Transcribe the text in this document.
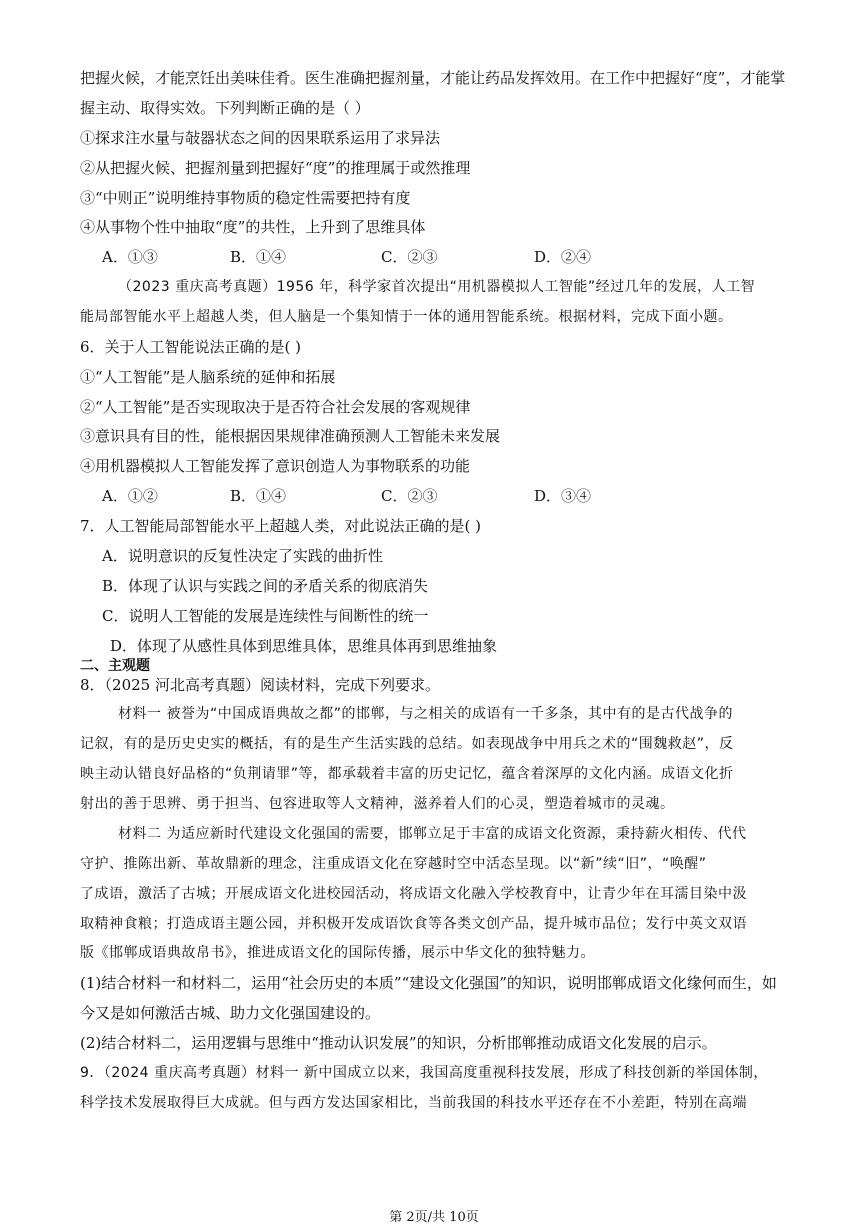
把握火候，才能烹饪出美味佳肴。医生准确把握剂量，才能让药品发挥效用。在工作中把握好“度”，才能掌
握主动、取得实效。下列判断正确的是（ ）
①探求注水量与敧器状态之间的因果联系运用了求异法
②从把握火候、把握剂量到把握好“度”的推理属于或然推理
③“中则正”说明维持事物质的稳定性需要把持有度
④从事物个性中抽取“度”的共性，上升到了思维具体
A．①③	B．①④	C．②③	D．②④
（2023 重庆高考真题）1956 年，科学家首次提出“用机器模拟人工智能”经过几年的发展，人工智
能局部智能水平上超越人类，但人脑是一个集知情于一体的通用智能系统。根据材料，完成下面小题。
6．关于人工智能说法正确的是( )
①“人工智能”是人脑系统的延伸和拓展
②“人工智能”是否实现取决于是否符合社会发展的客观规律
③意识具有目的性，能根据因果规律准确预测人工智能未来发展
④用机器模拟人工智能发挥了意识创造人为事物联系的功能
A．①②	B．①④	C．②③	D．③④
7．人工智能局部智能水平上超越人类，对此说法正确的是( )
A．说明意识的反复性决定了实践的曲折性
B．体现了认识与实践之间的矛盾关系的彻底消失
C．说明人工智能的发展是连续性与间断性的统一
D．体现了从感性具体到思维具体，思维具体再到思维抽象
二、主观题
8．（2025 河北高考真题）阅读材料，完成下列要求。
材料一 被誉为“中国成语典故之都”的邯郸，与之相关的成语有一千多条，其中有的是古代战争的
记叙，有的是历史史实的概括，有的是生产生活实践的总结。如表现战争中用兵之术的“围魏救赵”，反
映主动认错良好品格的“负荆请罪”等，都承载着丰富的历史记忆，蕴含着深厚的文化内涵。成语文化折
射出的善于思辨、勇于担当、包容进取等人文精神，滋养着人们的心灵，塑造着城市的灵魂。
材料二 为适应新时代建设文化强国的需要，邯郸立足于丰富的成语文化资源，秉持薪火相传、代代
守护、推陈出新、革故鼎新的理念，注重成语文化在穿越时空中活态呈现。以“新”续“旧”，“唤醒”
了成语，激活了古城；开展成语文化进校园活动，将成语文化融入学校教育中，让青少年在耳濡目染中汲
取精神食粮；打造成语主题公园，并积极开发成语饮食等各类文创产品，提升城市品位；发行中英文双语
版《邯郸成语典故帛书》，推进成语文化的国际传播，展示中华文化的独特魅力。
(1)结合材料一和材料二，运用“社会历史的本质”“建设文化强国”的知识，说明邯郸成语文化缘何而生，如
今又是如何激活古城、助力文化强国建设的。
(2)结合材料二，运用逻辑与思维中“推动认识发展”的知识，分析邯郸推动成语文化发展的启示。
9．（2024 重庆高考真题）材料一 新中国成立以来，我国高度重视科技发展，形成了科技创新的举国体制，
科学技术发展取得巨大成就。但与西方发达国家相比，当前我国的科技水平还存在不小差距，特别在高端
第 2页/共 10页
